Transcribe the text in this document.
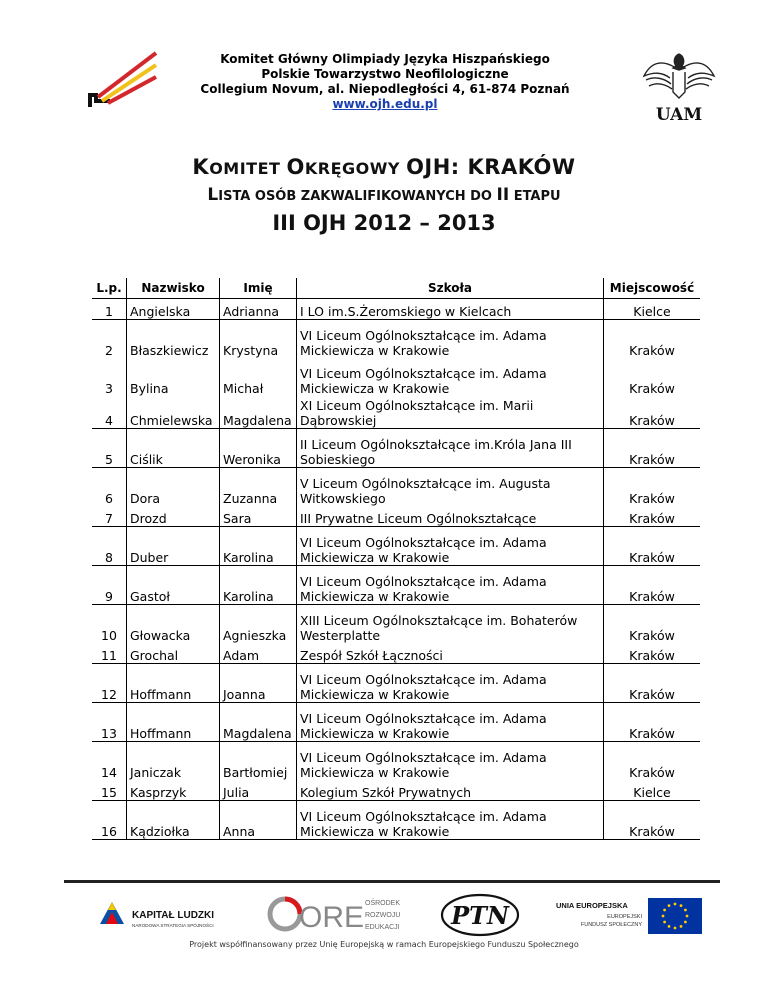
Komitet Główny Olimpiady Języka Hiszpańskiego
Polskie Towarzystwo Neofilologiczne
Collegium Novum, al. Niepodległości 4, 61-874 Poznań
www.ojh.edu.pl
UAM
KOMITET OKRĘGOWY OJH: KRAKÓW
LISTA OSÓB ZAKWALIFIKOWANYCH DO II ETAPU
III OJH 2012 – 2013
L.p.	Nazwisko	Imię	Szkoła	Miejscowość
1	Angielska	Adrianna	I LO im.S.Żeromskiego w Kielcach	Kielce
2	Błaszkiewicz	Krystyna	VI Liceum Ogólnokształcące im. Adama Mickiewicza w Krakowie	Kraków
3	Bylina	Michał	VI Liceum Ogólnokształcące im. Adama Mickiewicza w Krakowie	Kraków
4	Chmielewska	Magdalena	XI Liceum Ogólnokształcące im. Marii Dąbrowskiej	Kraków
5	Ciślik	Weronika	II Liceum Ogólnokształcące im.Króla Jana III Sobieskiego	Kraków
6	Dora	Zuzanna	V Liceum Ogólnokształcące im. Augusta Witkowskiego	Kraków
7	Drozd	Sara	III Prywatne Liceum Ogólnokształcące	Kraków
8	Duber	Karolina	VI Liceum Ogólnokształcące im. Adama Mickiewicza w Krakowie	Kraków
9	Gastoł	Karolina	VI Liceum Ogólnokształcące im. Adama Mickiewicza w Krakowie	Kraków
10	Głowacka	Agnieszka	XIII Liceum Ogólnokształcące im. Bohaterów Westerplatte	Kraków
11	Grochal	Adam	Zespół Szkół Łączności	Kraków
12	Hoffmann	Joanna	VI Liceum Ogólnokształcące im. Adama Mickiewicza w Krakowie	Kraków
13	Hoffmann	Magdalena	VI Liceum Ogólnokształcące im. Adama Mickiewicza w Krakowie	Kraków
14	Janiczak	Bartłomiej	VI Liceum Ogólnokształcące im. Adama Mickiewicza w Krakowie	Kraków
15	Kasprzyk	Julia	Kolegium Szkół Prywatnych	Kielce
16	Kądziołka	Anna	VI Liceum Ogólnokształcące im. Adama Mickiewicza w Krakowie	Kraków
KAPITAŁ LUDZKI
NARODOWA STRATEGIA SPÓJNOŚCI	ORE OŚRODEK
ROZWOJU
EDUKACJI PTN	UNIA EUROPEJSKA
EUROPEJSKI
FUNDUSZ SPOŁECZNY
Projekt współfinansowany przez Unię Europejską w ramach Europejskiego Funduszu Społecznego
